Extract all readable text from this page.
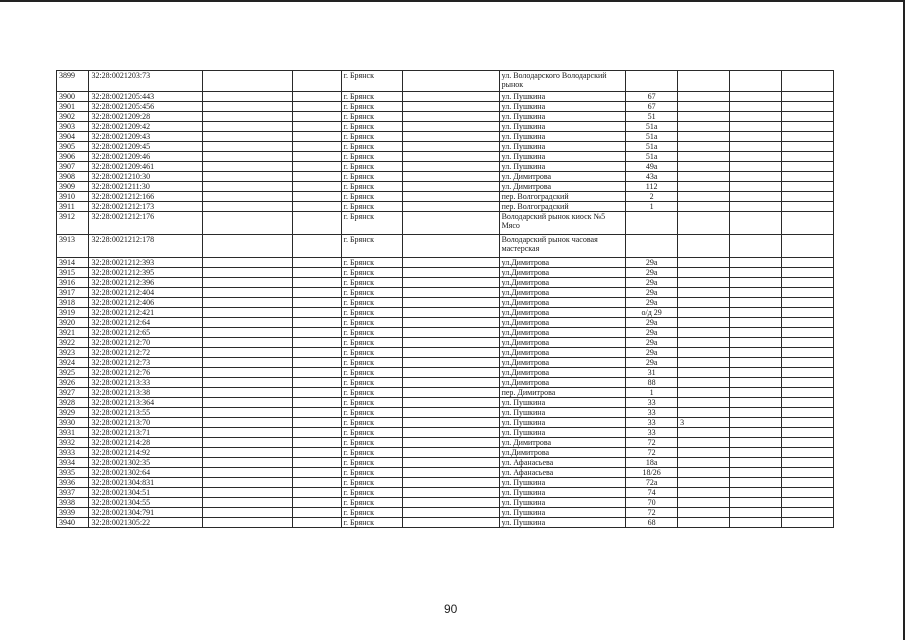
3899	32:28:0021203:73			г. Брянск		ул. Володарского Володарский рынок				
3900	32:28:0021205:443			г. Брянск		ул. Пушкина	67			
3901	32:28:0021205:456			г. Брянск		ул. Пушкина	67			
3902	32:28:0021209:28			г. Брянск		ул. Пушкина	51			
3903	32:28:0021209:42			г. Брянск		ул. Пушкина	51а			
3904	32:28:0021209:43			г. Брянск		ул. Пушкина	51а			
3905	32:28:0021209:45			г. Брянск		ул. Пушкина	51а			
3906	32:28:0021209:46			г. Брянск		ул. Пушкина	51а			
3907	32:28:0021209:461			г. Брянск		ул. Пушкина	49а			
3908	32:28:0021210:30			г. Брянск		ул. Димитрова	43а			
3909	32:28:0021211:30			г. Брянск		ул. Димитрова	112			
3910	32:28:0021212:166			г. Брянск		пер. Волгоградский	2			
3911	32:28:0021212:173			г. Брянск		пер. Волгоградский	1			
3912	32:28:0021212:176			г. Брянск		Володарский рынок киоск №5 Мясо				
3913	32:28:0021212:178			г. Брянск		Володарский рынок часовая мастерская				
3914	32:28:0021212:393			г. Брянск		ул.Димитрова	29а			
3915	32:28:0021212:395			г. Брянск		ул.Димитрова	29а			
3916	32:28:0021212:396			г. Брянск		ул.Димитрова	29а			
3917	32:28:0021212:404			г. Брянск		ул.Димитрова	29а			
3918	32:28:0021212:406			г. Брянск		ул.Димитрова	29а			
3919	32:28:0021212:421			г. Брянск		ул.Димитрова	о/д 29			
3920	32:28:0021212:64			г. Брянск		ул.Димитрова	29а			
3921	32:28:0021212:65			г. Брянск		ул.Димитрова	29а			
3922	32:28:0021212:70			г. Брянск		ул.Димитрова	29а			
3923	32:28:0021212:72			г. Брянск		ул.Димитрова	29а			
3924	32:28:0021212:73			г. Брянск		ул.Димитрова	29а			
3925	32:28:0021212:76			г. Брянск		ул.Димитрова	31			
3926	32:28:0021213:33			г. Брянск		ул.Димитрова	88			
3927	32:28:0021213:38			г. Брянск		пер. Димитрова	1			
3928	32:28:0021213:364			г. Брянск		ул. Пушкина	33			
3929	32:28:0021213:55			г. Брянск		ул. Пушкина	33			
3930	32:28:0021213:70			г. Брянск		ул. Пушкина	33	3		
3931	32:28:0021213:71			г. Брянск		ул. Пушкина	33			
3932	32:28:0021214:28			г. Брянск		ул. Димитрова	72			
3933	32:28:0021214:92			г. Брянск		ул.Димитрова	72			
3934	32:28:0021302:35			г. Брянск		ул. Афанасьева	18а			
3935	32:28:0021302:64			г. Брянск		ул. Афанасьева	18/26			
3936	32:28:0021304:831			г. Брянск		ул. Пушкина	72а			
3937	32:28:0021304:51			г. Брянск		ул. Пушкина	74			
3938	32:28:0021304:55			г. Брянск		ул. Пушкина	70			
3939	32:28:0021304:791			г. Брянск		ул. Пушкина	72			
3940	32:28:0021305:22			г. Брянск		ул. Пушкина	68			
90
